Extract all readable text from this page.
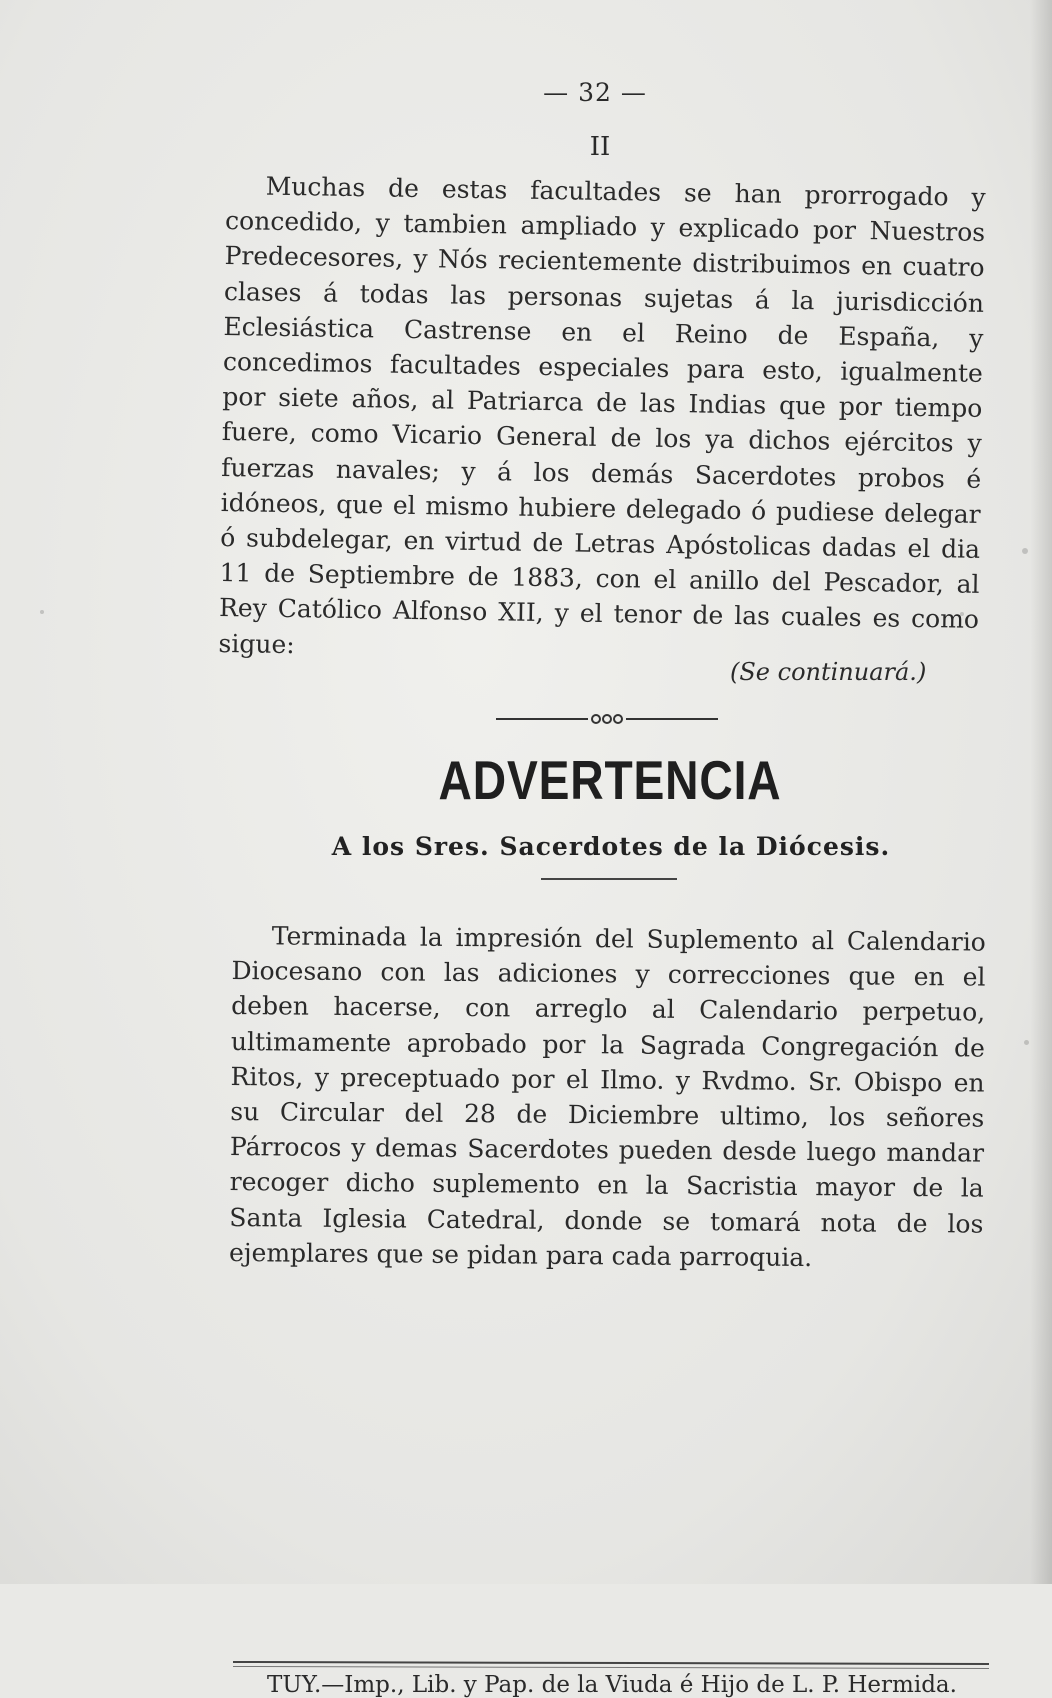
— 32 —
II

Muchas de estas facultades se han prorrogado y concedido, y tambien ampliado y explicado por Nuestros Predecesores, y Nós recientemente distribuimos en cuatro clases á todas las personas sujetas á la jurisdicción Eclesiástica Castrense en el Reino de España, y concedimos facultades especiales para esto, igualmente por siete años, al Patriarca de las Indias que por tiempo fuere, como Vicario General de los ya dichos ejércitos y fuerzas navales; y á los demás Sacerdotes probos é idóneos, que el mismo hubiere delegado ó pudiese delegar ó subdelegar, en virtud de Letras Apóstolicas dadas el dia 11 de Septiembre de 1883, con el anillo del Pescador, al Rey Católico Alfonso XII, y el tenor de las cuales es como sigue:

(Se continuará.)
ADVERTENCIA
A los Sres. Sacerdotes de la Diócesis.

Terminada la impresión del Suplemento al Calendario Diocesano con las adiciones y correcciones que en el deben hacerse, con arreglo al Calendario perpetuo, ultimamente aprobado por la Sagrada Congregación de Ritos, y preceptuado por el Ilmo. y Rvdmo. Sr. Obispo en su Circular del 28 de Diciembre ultimo, los señores Párrocos y demas Sacerdotes pueden desde luego mandar recoger dicho suplemento en la Sacristia mayor de la Santa Iglesia Catedral, donde se tomará nota de los ejemplares que se pidan para cada parroquia.

TUY.—Imp., Lib. y Pap. de la Viuda é Hijo de L. P. Hermida.
